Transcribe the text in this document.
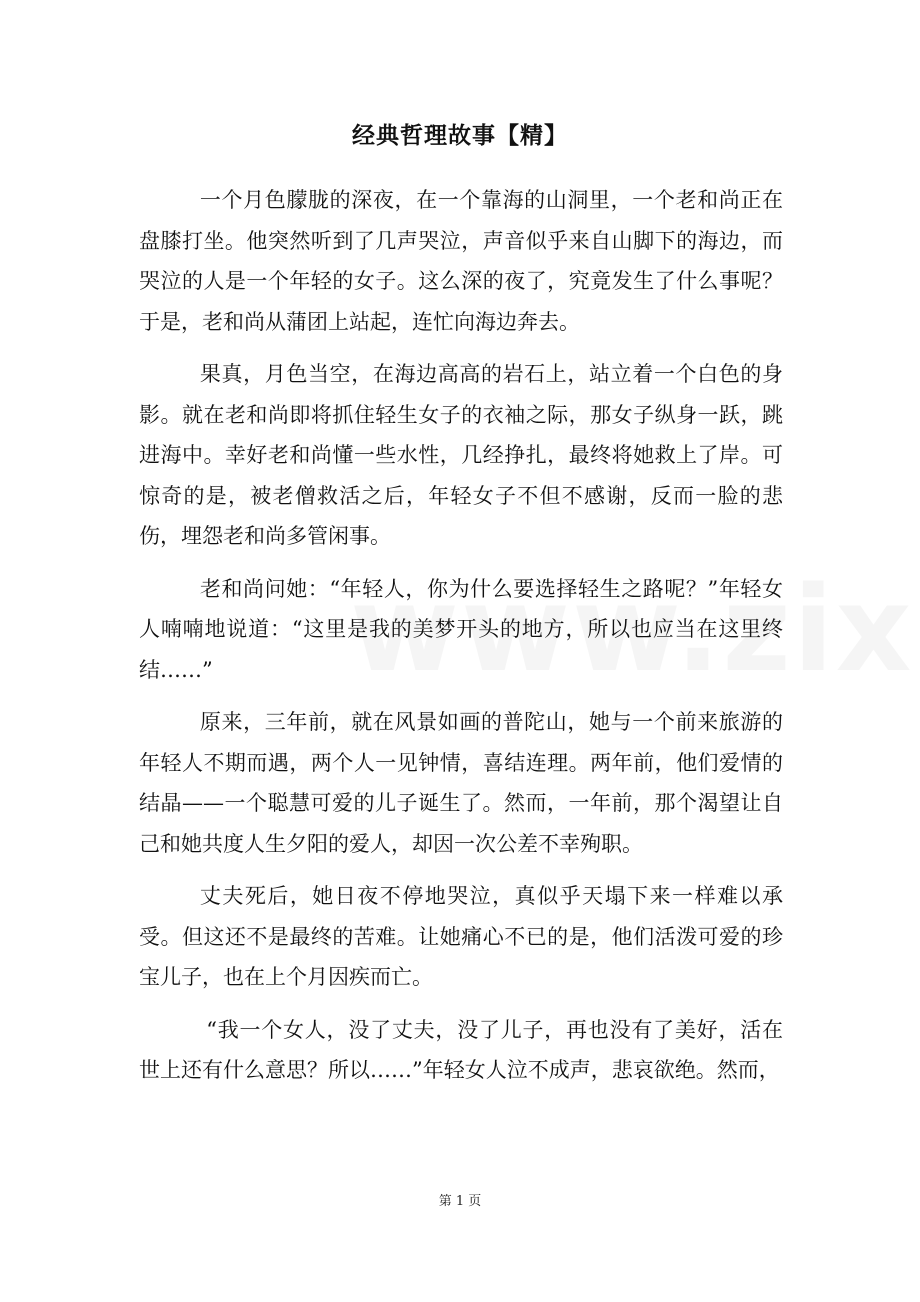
经典哲理故事【精】

一个月色朦胧的深夜，在一个靠海的山洞里，一个老和尚正在盘膝打坐。他突然听到了几声哭泣，声音似乎来自山脚下的海边，而哭泣的人是一个年轻的女子。这么深的夜了，究竟发生了什么事呢？于是，老和尚从蒲团上站起，连忙向海边奔去。

果真，月色当空，在海边高高的岩石上，站立着一个白色的身影。就在老和尚即将抓住轻生女子的衣袖之际，那女子纵身一跃，跳进海中。幸好老和尚懂一些水性，几经挣扎，最终将她救上了岸。可惊奇的是，被老僧救活之后，年轻女子不但不感谢，反而一脸的悲伤，埋怨老和尚多管闲事。

老和尚问她：“年轻人，你为什么要选择轻生之路呢？”年轻女人喃喃地说道：“这里是我的美梦开头的地方，所以也应当在这里终结……”

原来，三年前，就在风景如画的普陀山，她与一个前来旅游的年轻人不期而遇，两个人一见钟情，喜结连理。两年前，他们爱情的结晶——一个聪慧可爱的儿子诞生了。然而，一年前，那个渴望让自己和她共度人生夕阳的爱人，却因一次公差不幸殉职。

丈夫死后，她日夜不停地哭泣，真似乎天塌下来一样难以承受。但这还不是最终的苦难。让她痛心不已的是，他们活泼可爱的珍宝儿子，也在上个月因疾而亡。

“我一个女人，没了丈夫，没了儿子，再也没有了美好，活在世上还有什么意思？所以……”年轻女人泣不成声，悲哀欲绝。然而，

第 1 页
